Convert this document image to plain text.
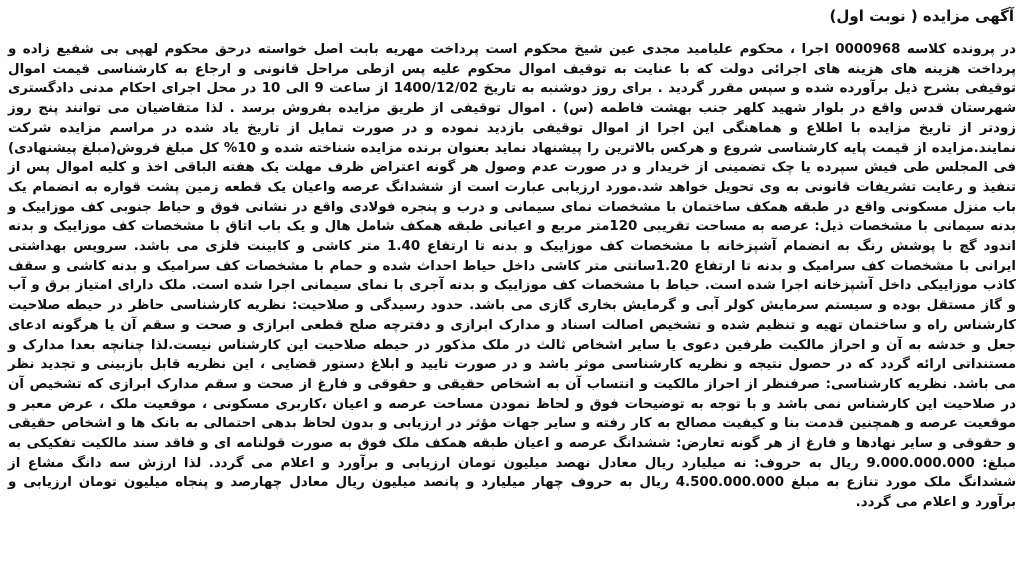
آگهی مزایده ( نوبت اول)

در پرونده کلاسه 0000968 اجرا ، محکوم علیامید مجدی عین شیخ محکوم است پرداخت مهریه بابت اصل خواسته درحق محکوم لهپی بی شفیع زاده و پرداخت هزینه های هزینه های اجرائی دولت که با عنایت به توقیف اموال محکوم علیه پس ازطی مراحل قانونی و ارجاع به کارشناسی قیمت اموال توقیفی بشرح ذیل برآورده شده و سپس مقرر گردید . برای روز دوشنبه به تاریخ 1400/12/02 از ساعت 9 الی 10 در محل اجرای احکام مدنی دادگستری شهرستان قدس واقع در بلوار شهید کلهر جنب بهشت فاطمه (س) . اموال توقیفی از طریق مزایده بفروش برسد . لذا متقاضیان می توانند پنج روز زودتر از تاریخ مزایده با اطلاع و هماهنگی این اجرا از اموال توقیفی بازدید نموده و در صورت تمایل از تاریخ یاد شده در مراسم مزایده شرکت نمایند.مزایده از قیمت پایه کارشناسی شروع و هرکس بالاترین را پیشنهاد نماید بعنوان برنده مزایده شناخته شده و 10% کل مبلغ فروش(مبلغ پیشنهادی) فی المجلس طی فیش سپرده یا چک تضمینی از خریدار و در صورت عدم وصول هر گونه اعتراض ظرف مهلت یک هفته الباقی اخذ و کلیه اموال پس از تنفیذ و رعایت تشریفات قانونی به وی تحویل خواهد شد.مورد ارزیابی عبارت است از ششدانگ عرصه واعیان یک قطعه زمین پشت قواره به انضمام یک باب منزل مسکونی واقع در طبقه همکف ساختمان با مشخصات نمای سیمانی و درب و پنجره فولادی واقع در نشانی فوق و حیاط جنوبی کف موزاییک و بدنه سیمانی با مشخصات ذیل: عرصه به مساحت تقریبی 120متر مربع و اعیانی طبقه همکف شامل هال و یک باب اتاق با مشخصات کف موزاییک و بدنه اندود گچ با پوشش رنگ به انضمام آشپزخانه با مشخصات کف موزاییک و بدنه تا ارتفاع 1.40 متر کاشی و کابینت فلزی می باشد. سرویس بهداشتی ایرانی با مشخصات کف سرامیک و بدنه تا ارتفاع 1.20سانتی متر کاشی داخل حیاط احداث شده و حمام با مشخصات کف سرامیک و بدنه کاشی و سقف کاذب موزاییکی داخل آشپزخانه اجرا شده است. حیاط با مشخصات کف موزاییک و بدنه آجری با نمای سیمانی اجرا شده است. ملک دارای امتیاز برق و آب و گاز مستقل بوده و سیستم سرمایش کولر آبی و گرمایش بخاری گازی می باشد. حدود رسیدگی و صلاحیت: نظریه کارشناسی حاظر در حیطه صلاحیت کارشناس راه و ساختمان تهیه و تنظیم شده و تشخیص اصالت اسناد و مدارک ابرازی و دفترچه صلح قطعی ابرازی و صحت و سقم آن یا هرگونه ادعای جعل و خدشه به آن و احراز مالکیت طرفین دعوی یا سایر اشخاص ثالث در ملک مذکور در حیطه صلاحیت این کارشناس نیست.لذا چنانچه بعدا مدارک و مستنداتی ارائه گردد که در حصول نتیجه و نظریه کارشناسی موثر باشد و در صورت تایید و ابلاغ دستور قضایی ، این نظریه قابل بازبینی و تجدید نظر می باشد. نظریه کارشناسی: صرفنظر از احراز مالکیت و انتساب آن به اشخاص حقیقی و حقوقی و فارغ از صحت و سقم مدارک ابرازی که تشخیص آن در صلاحیت این کارشناس نمی باشد و با توجه به توضیحات فوق و لحاظ نمودن مساحت عرصه و اعیان ،کاربری مسکونی ، موقعیت ملک ، عرض معبر و موقعیت عرصه و همچنین قدمت بنا و کیفیت مصالح به کار رفته و سایر جهات مؤثر در ارزیابی و بدون لحاظ بدهی احتمالی به بانک ها و اشخاص حقیقی و حقوقی و سایر نهادها و فارغ از هر گونه تعارض: ششدانگ عرصه و اعیان طبقه همکف ملک فوق به صورت قولنامه ای و فاقد سند مالکیت تفکیکی به مبلغ: 9.000.000.000 ریال به حروف: نه میلیارد ریال معادل نهصد میلیون تومان ارزیابی و برآورد و اعلام می گردد. لذا ارزش سه دانگ مشاع از ششدانگ ملک مورد تنازع به مبلغ 4.500.000.000 ریال به حروف چهار میلیارد و پانصد میلیون ریال معادل چهارصد و پنجاه میلیون تومان ارزیابی و برآورد و اعلام می گردد.
